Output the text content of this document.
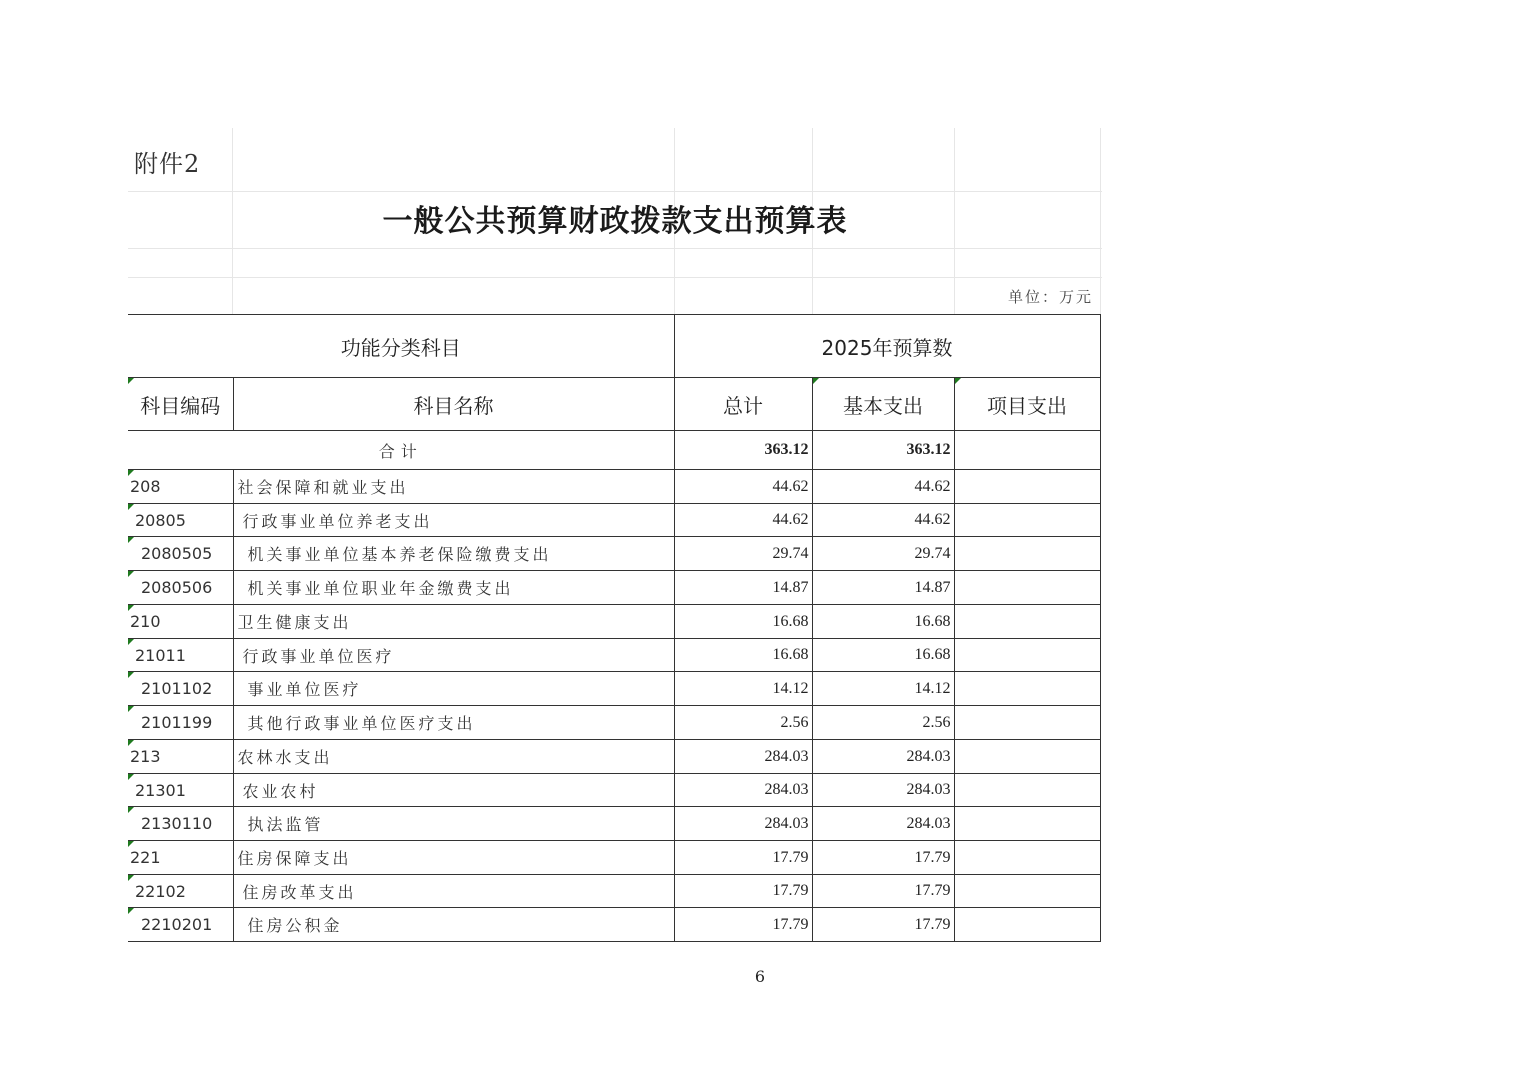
附件2
一般公共预算财政拨款支出预算表
单位：万元
功能分类科目		2025年预算数		

科目编码	科目名称	总计	基本支出	项目支出
合计		363.12	363.12	

208	社会保障和就业支出	44.62	44.62	

20805	行政事业单位养老支出	44.62	44.62	

2080505	机关事业单位基本养老保险缴费支出	29.74	29.74	

2080506	机关事业单位职业年金缴费支出	14.87	14.87	

210	卫生健康支出	16.68	16.68	

21011	行政事业单位医疗	16.68	16.68	

2101102	事业单位医疗	14.12	14.12	

2101199	其他行政事业单位医疗支出	2.56	2.56	

213	农林水支出	284.03	284.03	

21301	农业农村	284.03	284.03	

2130110	执法监管	284.03	284.03	

221	住房保障支出	17.79	17.79	

22102	住房改革支出	17.79	17.79	

2210201	住房公积金	17.79	17.79	
6
